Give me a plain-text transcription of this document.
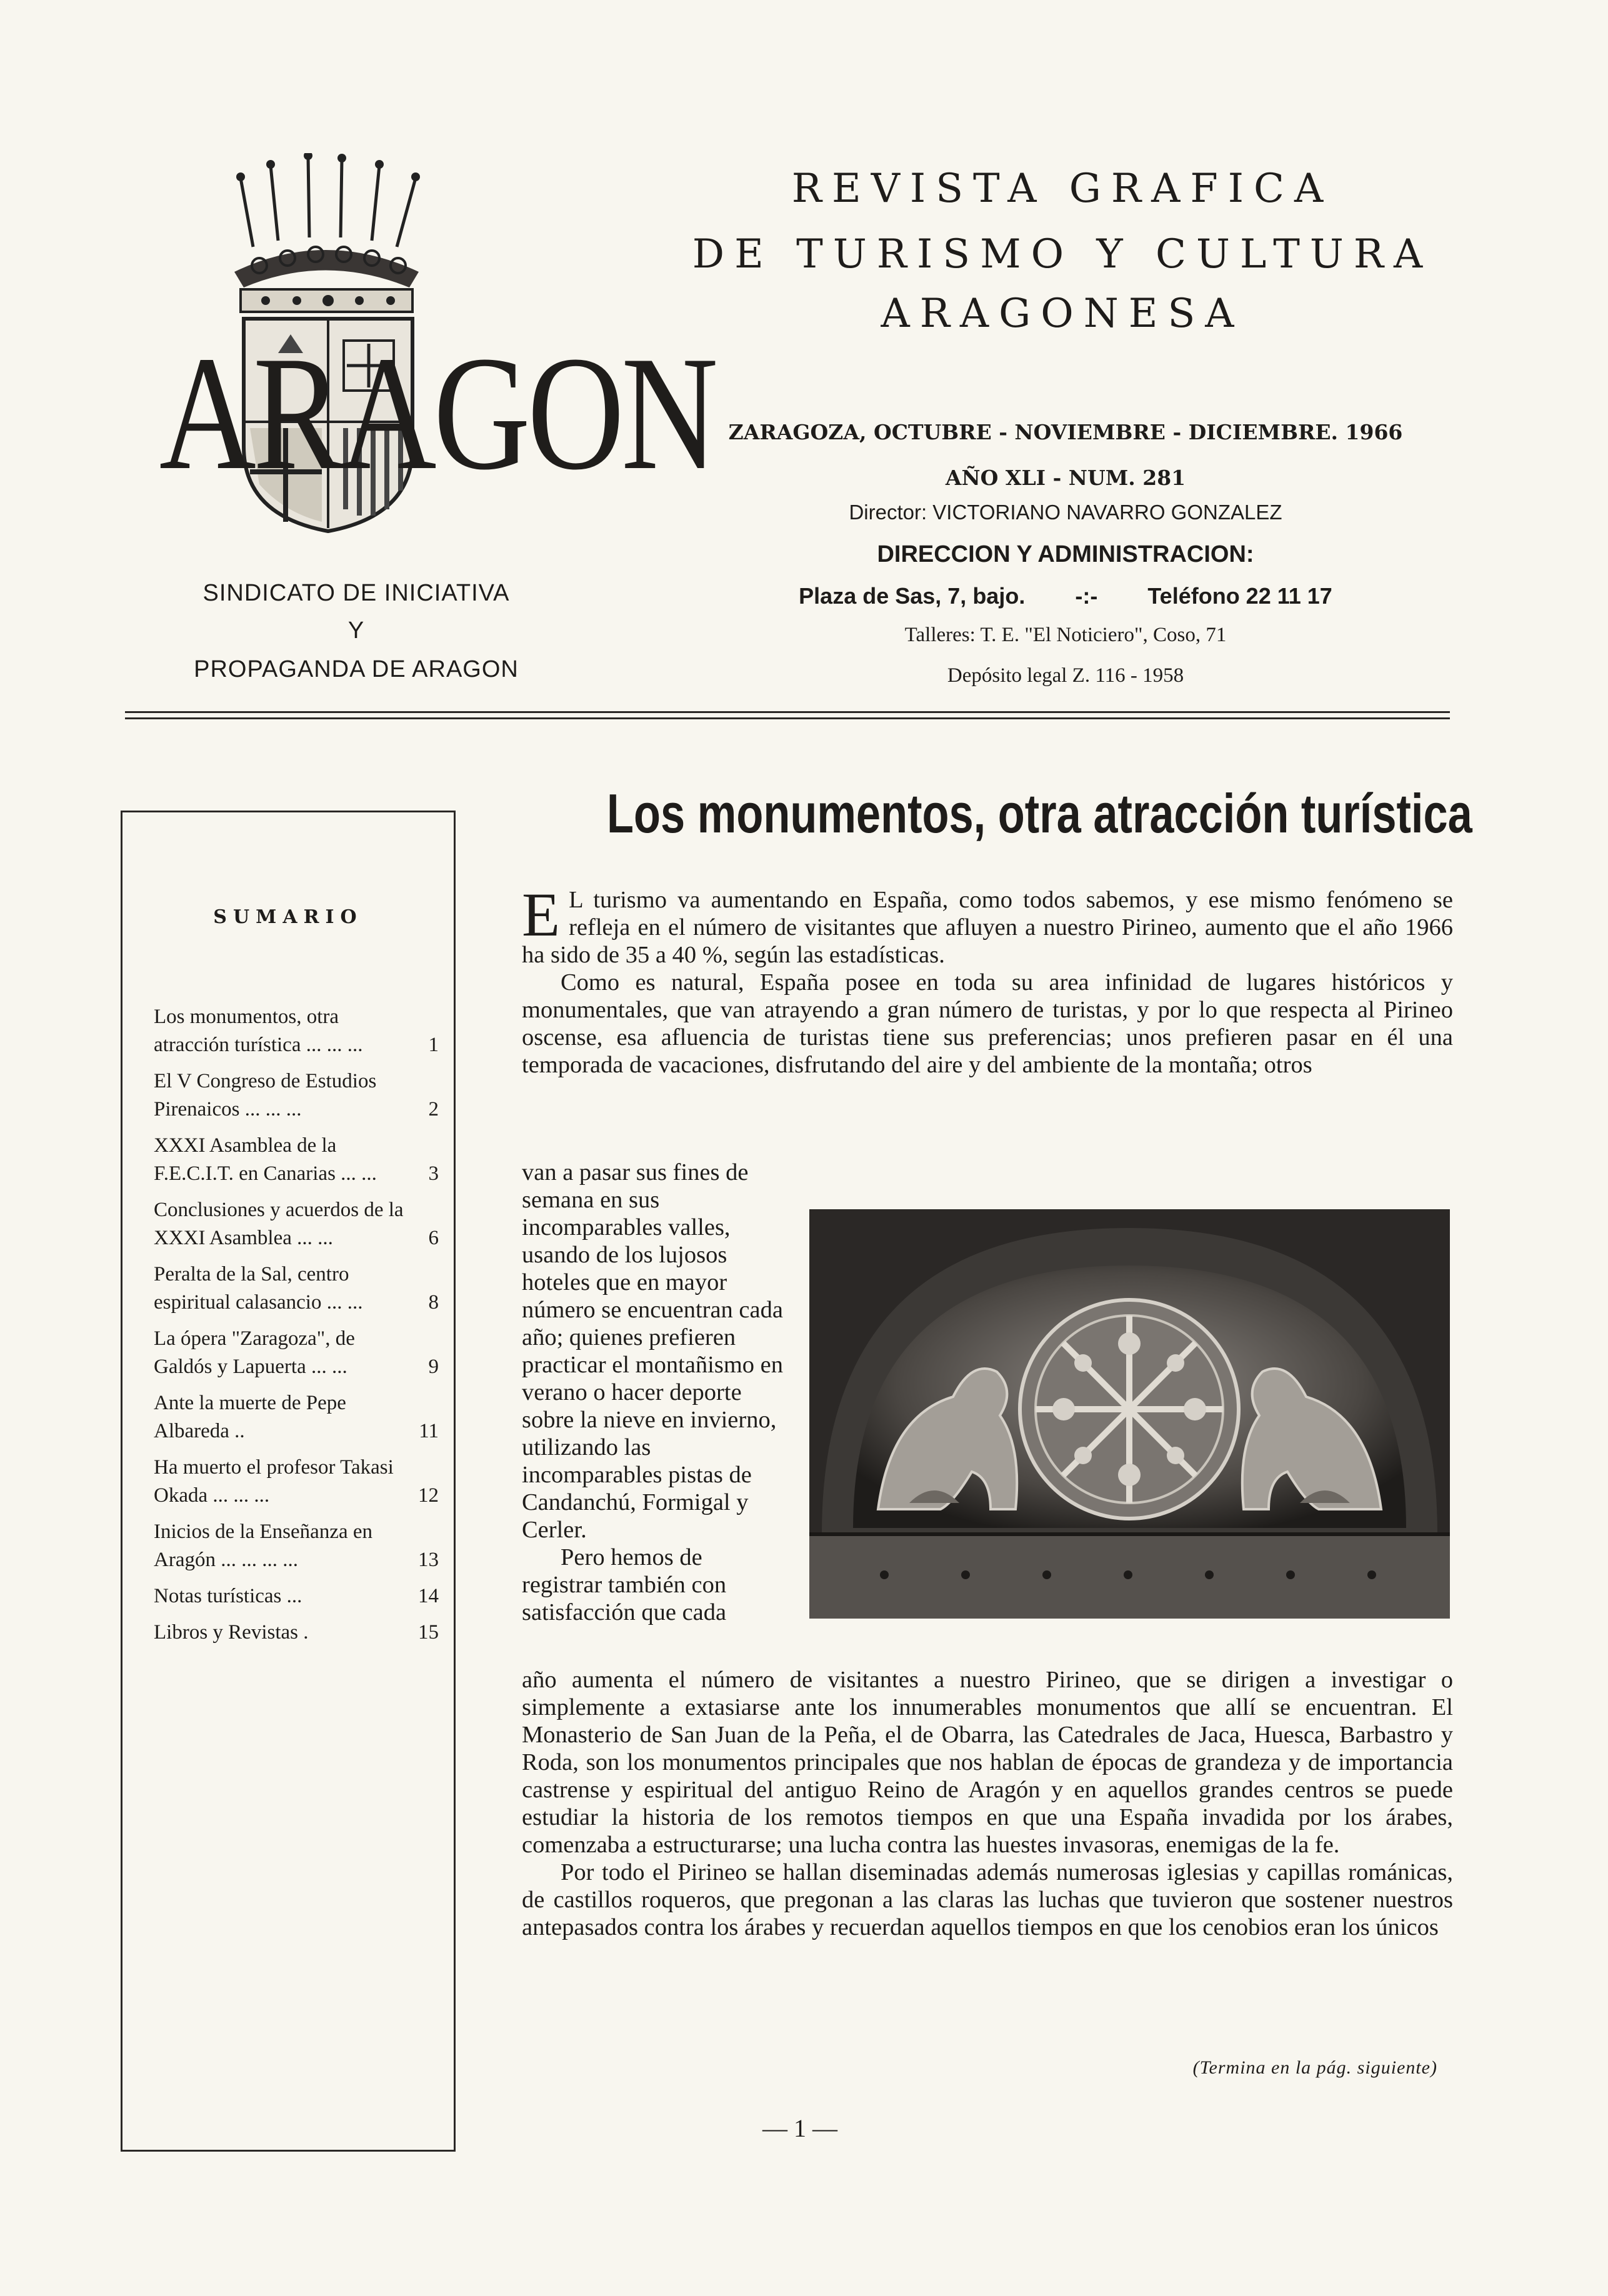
ARAGON
SINDICATO DE INICIATIVA
Y
PROPAGANDA DE ARAGON
REVISTA GRAFICA
DE TURISMO Y CULTURA
ARAGONESA
ZARAGOZA, OCTUBRE - NOVIEMBRE - DICIEMBRE. 1966
AÑO XLI - NUM. 281
Director: VICTORIANO NAVARRO GONZALEZ
DIRECCION Y ADMINISTRACION:
Plaza de Sas, 7, bajo. -:- Teléfono 22 11 17
Talleres: T. E. "El Noticiero", Coso, 71
Depósito legal Z. 116 - 1958
SUMARIO
Los monumentos, otra atracción turística ... ... ...	1
El V Congreso de Estudios Pirenaicos ... ... ...	2
XXXI Asamblea de la F.E.C.I.T. en Canarias ... ...	3
Conclusiones y acuerdos de la XXXI Asamblea ... ...	6
Peralta de la Sal, centro espiritual calasancio ... ...	8
La ópera "Zaragoza", de Galdós y Lapuerta ... ...	9
Ante la muerte de Pepe Albareda ..	11
Ha muerto el profesor Takasi Okada ... ... ...	12
Inicios de la Enseñanza en Aragón ... ... ... ...	13
Notas turísticas ...	14
Libros y Revistas .	15
Los monumentos, otra atracción turística

E L turismo va aumentando en España, como todos sabemos, y ese mismo fenómeno se refleja en el número de visitantes que afluyen a nuestro Pirineo, aumento que el año 1966 ha sido de 35 a 40 %, según las estadísticas.

Como es natural, España posee en toda su area infinidad de lugares históricos y monumentales, que van atrayendo a gran número de turistas, y por lo que respecta al Pirineo oscense, esa afluencia de turistas tiene sus preferencias; unos prefieren pasar en él una temporada de vacaciones, disfrutando del aire y del ambiente de la montaña; otros

van a pasar sus fines de semana en sus incomparables valles, usando de los lujosos hoteles que en mayor número se encuentran cada año; quienes prefieren practicar el montañismo en verano o hacer deporte sobre la nieve en invierno, utilizando las incomparables pistas de Candanchú, Formigal y Cerler.

Pero hemos de registrar también con satisfacción que cada

año aumenta el número de visitantes a nuestro Pirineo, que se dirigen a investigar o simplemente a extasiarse ante los innumerables monumentos que allí se encuentran. El Monasterio de San Juan de la Peña, el de Obarra, las Catedrales de Jaca, Huesca, Barbastro y Roda, son los monumentos principales que nos hablan de épocas de grandeza y de importancia castrense y espiritual del antiguo Reino de Aragón y en aquellos grandes centros se puede estudiar la historia de los remotos tiempos en que una España invadida por los árabes, comenzaba a estructurarse; una lucha contra las huestes invasoras, enemigas de la fe.

Por todo el Pirineo se hallan diseminadas además numerosas iglesias y capillas románicas, de castillos roqueros, que pregonan a las claras las luchas que tuvieron que sostener nuestros antepasados contra los árabes y recuerdan aquellos tiempos en que los cenobios eran los únicos

(Termina en la pág. siguiente)
— 1 —
